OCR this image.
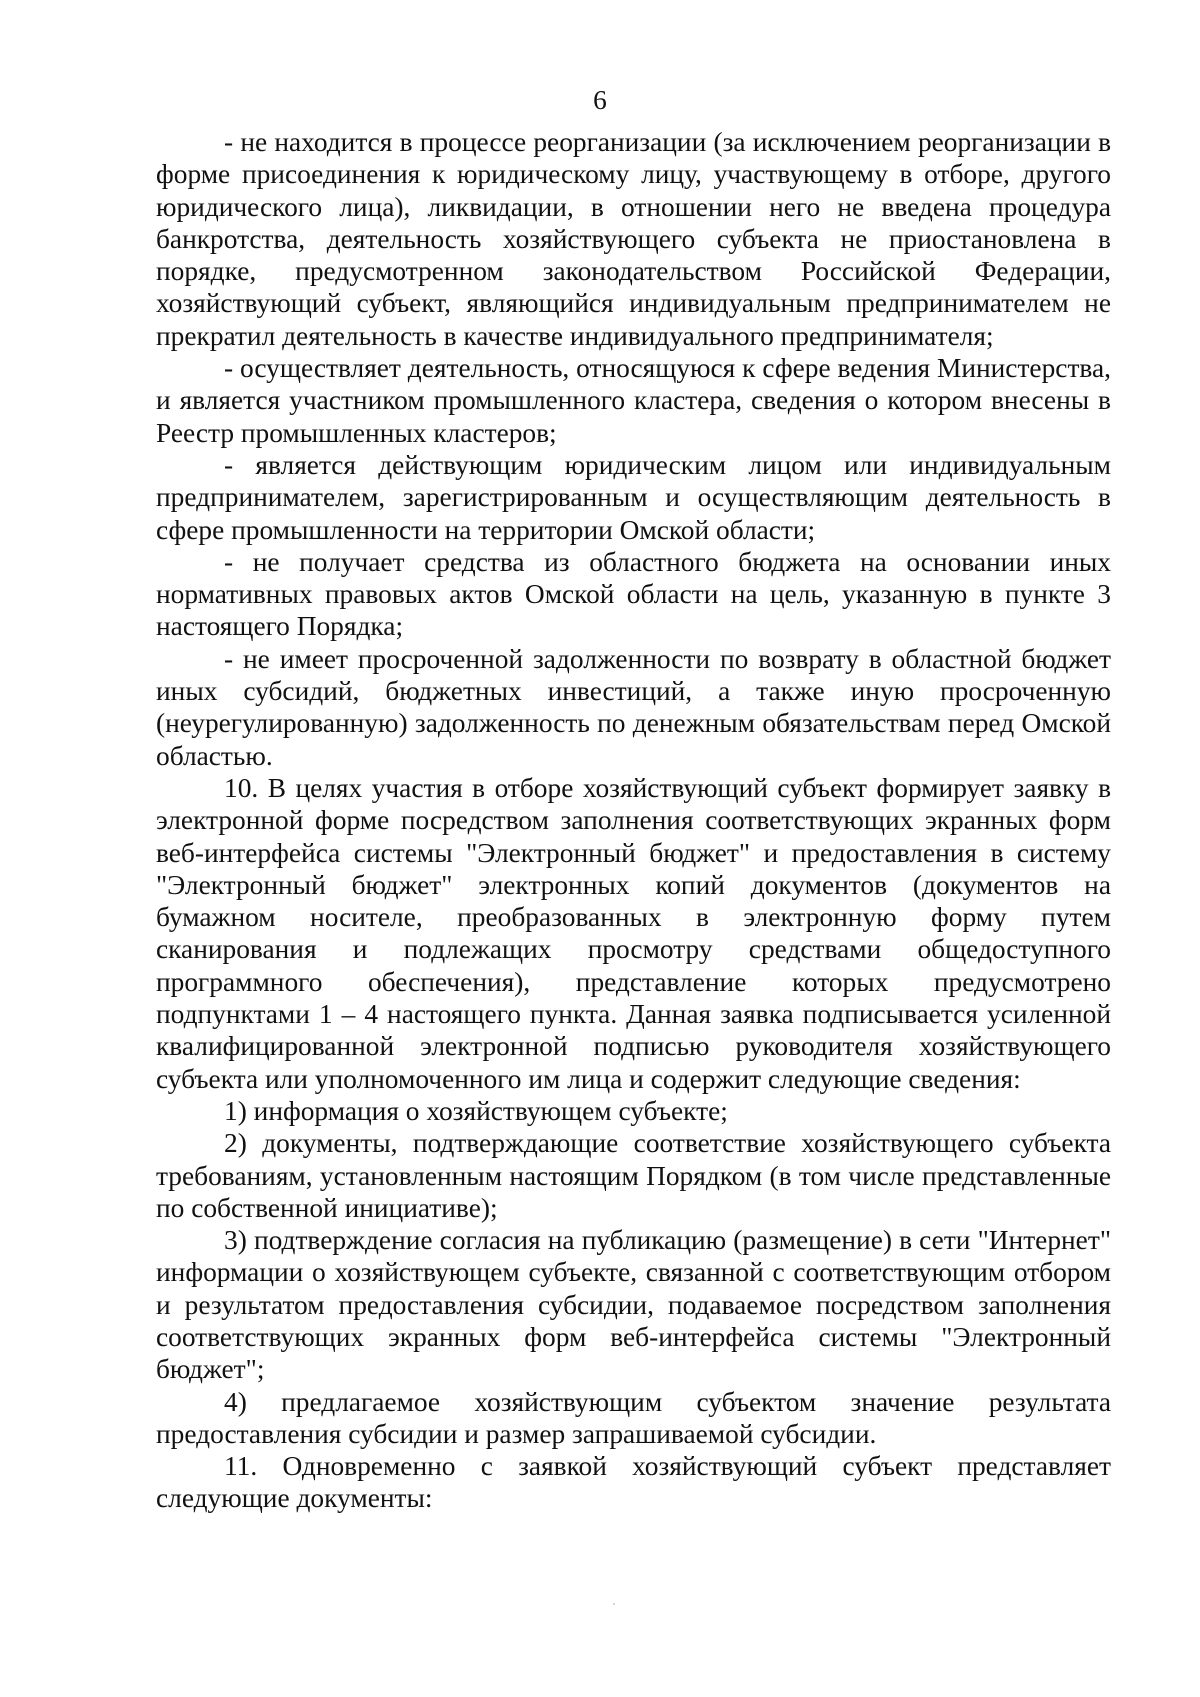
6

- не находится в процессе реорганизации (за исключением реорганизации в форме присоединения к юридическому лицу, участвующему в отборе, другого юридического лица), ликвидации, в отношении него не введена процедура банкротства, деятельность хозяйствующего субъекта не приостановлена в порядке, предусмотренном законодательством Российской Федерации, хозяйствующий субъект, являющийся индивидуальным предпринимателем не прекратил деятельность в качестве индивидуального предпринимателя;

- осуществляет деятельность, относящуюся к сфере ведения Министерства, и является участником промышленного кластера, сведения о котором внесены в Реестр промышленных кластеров;

- является действующим юридическим лицом или индивидуальным предпринимателем, зарегистрированным и осуществляющим деятельность в сфере промышленности на территории Омской области;

- не получает средства из областного бюджета на основании иных нормативных правовых актов Омской области на цель, указанную в пункте 3 настоящего Порядка;

- не имеет просроченной задолженности по возврату в областной бюджет иных субсидий, бюджетных инвестиций, а также иную просроченную (неурегулированную) задолженность по денежным обязательствам перед Омской областью.

10. В целях участия в отборе хозяйствующий субъект формирует заявку в электронной форме посредством заполнения соответствующих экранных форм веб-интерфейса системы "Электронный бюджет" и предоставления в систему "Электронный бюджет" электронных копий документов (документов на бумажном носителе, преобразованных в электронную форму путем сканирования и подлежащих просмотру средствами общедоступного программного обеспечения), представление которых предусмотрено подпунктами 1 – 4 настоящего пункта. Данная заявка подписывается усиленной квалифицированной электронной подписью руководителя хозяйствующего субъекта или уполномоченного им лица и содержит следующие сведения:

1) информация о хозяйствующем субъекте;

2) документы, подтверждающие соответствие хозяйствующего субъекта требованиям, установленным настоящим Порядком (в том числе представленные по собственной инициативе);

3) подтверждение согласия на публикацию (размещение) в сети "Интернет" информации о хозяйствующем субъекте, связанной с соответствующим отбором и результатом предоставления субсидии, подаваемое посредством заполнения соответствующих экранных форм веб-интерфейса системы "Электронный бюджет";

4) предлагаемое хозяйствующим субъектом значение результата предоставления субсидии и размер запрашиваемой субсидии.

11. Одновременно с заявкой хозяйствующий субъект представляет следующие документы:
